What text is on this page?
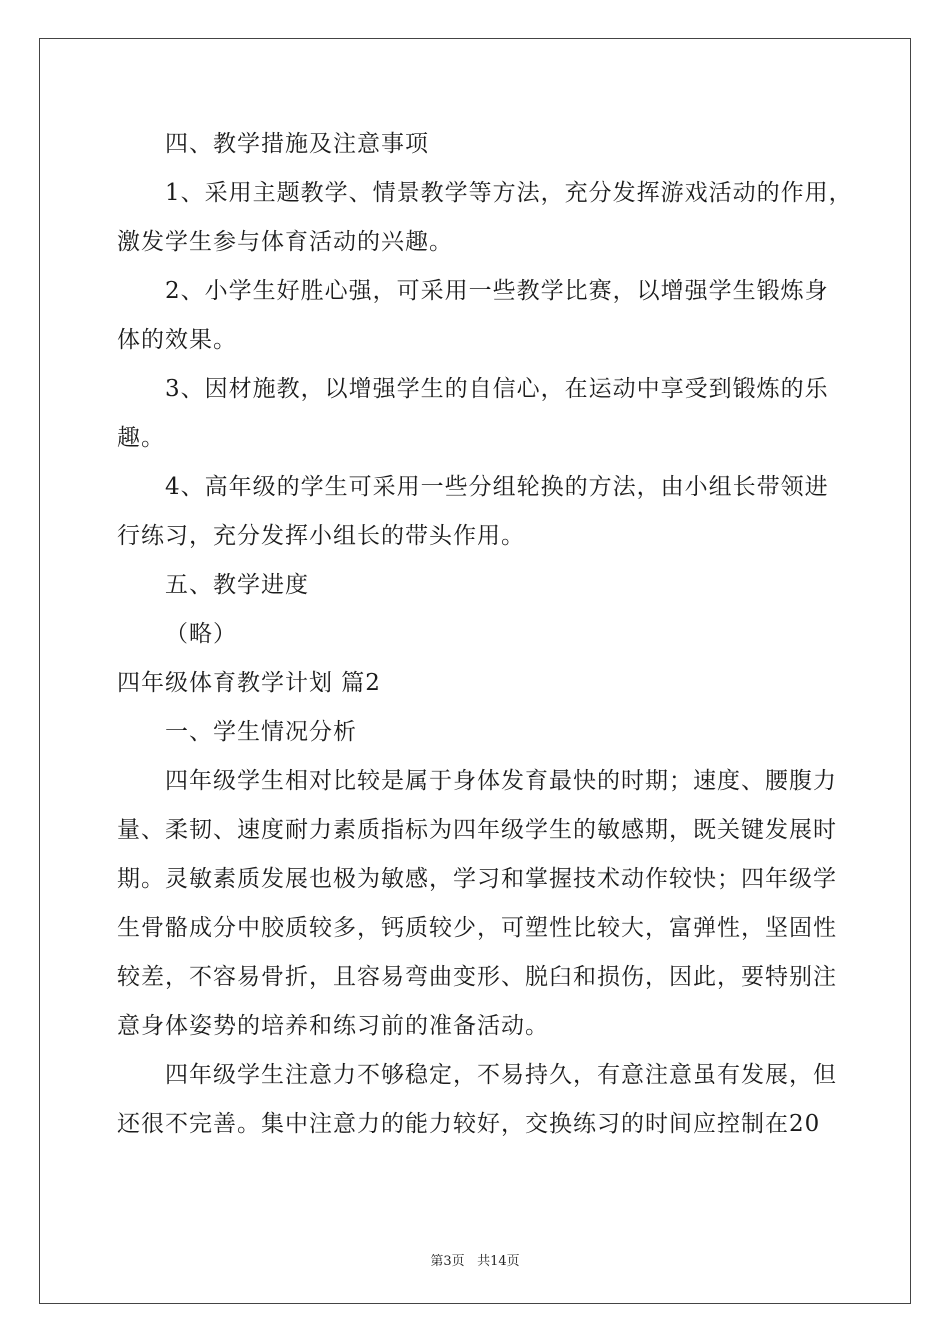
四、教学措施及注意事项

1、采用主题教学、情景教学等方法，充分发挥游戏活动的作用，
激发学生参与体育活动的兴趣。

2、小学生好胜心强，可采用一些教学比赛，以增强学生锻炼身
体的效果。

3、因材施教，以增强学生的自信心，在运动中享受到锻炼的乐
趣。

4、高年级的学生可采用一些分组轮换的方法，由小组长带领进
行练习，充分发挥小组长的带头作用。

五、教学进度

（略）

四年级体育教学计划 篇2

一、学生情况分析

四年级学生相对比较是属于身体发育最快的时期；速度、腰腹力
量、柔韧、速度耐力素质指标为四年级学生的敏感期，既关键发展时
期。灵敏素质发展也极为敏感，学习和掌握技术动作较快；四年级学
生骨骼成分中胶质较多，钙质较少，可塑性比较大，富弹性，坚固性
较差，不容易骨折，且容易弯曲变形、脱臼和损伤，因此，要特别注
意身体姿势的培养和练习前的准备活动。

四年级学生注意力不够稳定，不易持久，有意注意虽有发展，但
还很不完善。集中注意力的能力较好，交换练习的时间应控制在20

第3页 共14页
